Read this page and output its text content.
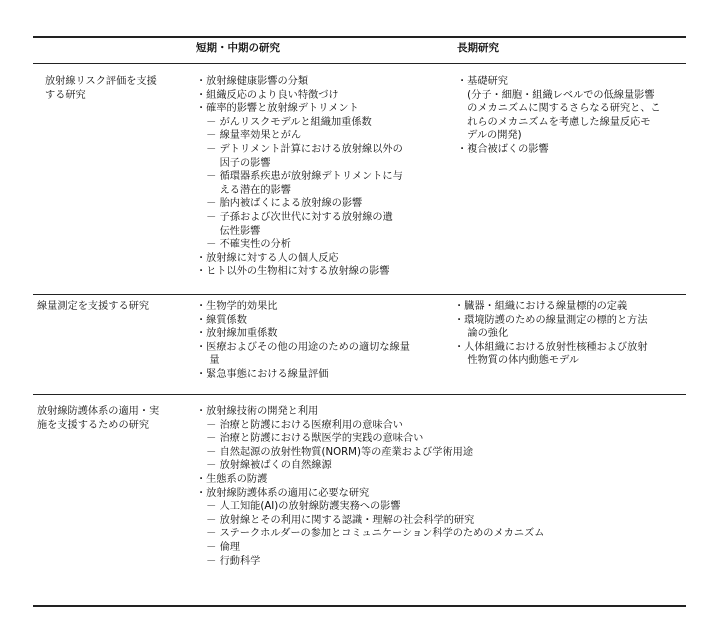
短期・中期の研究	長期研究
放射線リスク評価を支援
する研究
・放射線健康影響の分類
・組織反応のより良い特徴づけ
・確率的影響と放射線デトリメント
　－ がんリスクモデルと組織加重係数
　－ 線量率効果とがん
　－ デトリメント計算における放射線以外の
　　 因子の影響
　－ 循環器系疾患が放射線デトリメントに与
　　 える潜在的影響
　－ 胎内被ばくによる放射線の影響
　－ 子孫および次世代に対する放射線の遺
　　 伝性影響
　－ 不確実性の分析
・放射線に対する人の個人反応
・ヒト以外の生物相に対する放射線の影響
・基礎研究
　(分子・細胞・組織レベルでの低線量影響
　のメカニズムに関するさらなる研究と、こ
　れらのメカニズムを考慮した線量反応モ
　デルの開発)
・複合被ばくの影響
線量測定を支援する研究	・生物学的効果比
・線質係数
・放射線加重係数
・医療およびその他の用途のための適切な線量
　 量
・緊急事態における線量評価
・臓器・組織における線量標的の定義
・環境防護のための線量測定の標的と方法
　 論の強化
・人体組織における放射性核種および放射
　 性物質の体内動態モデル
放射線防護体系の適用・実
施を支援するための研究
・放射線技術の開発と利用
　－ 治療と防護における医療利用の意味合い
　－ 治療と防護における獣医学的実践の意味合い
　－ 自然起源の放射性物質(NORM)等の産業および学術用途
　－ 放射線被ばくの自然線源
・生態系の防護
・放射線防護体系の適用に必要な研究
　－ 人工知能(AI)の放射線防護実務への影響
　－ 放射線とその利用に関する認識・理解の社会科学的研究
　－ ステークホルダーの参加とコミュニケーション科学のためのメカニズム
　－ 倫理
　－ 行動科学
